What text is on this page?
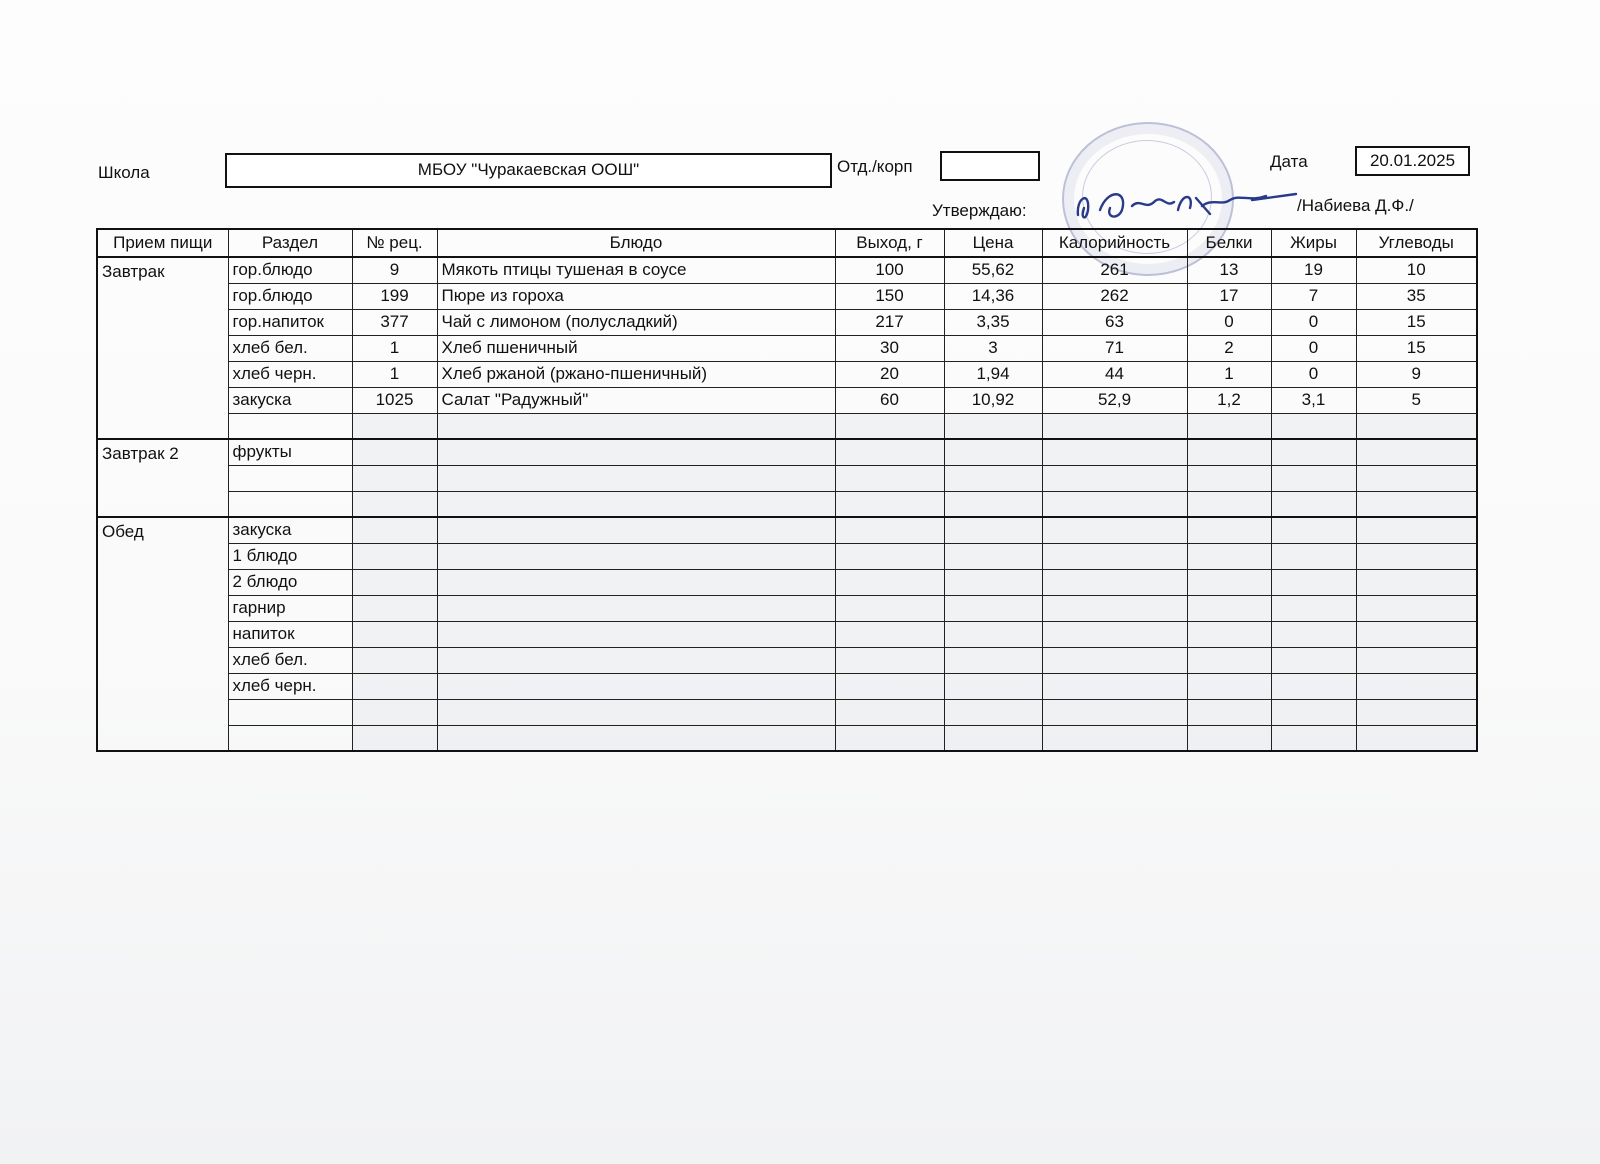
Школа	МБОУ "Чуракаевская ООШ"	Отд./корп	Дата	20.01.2025
Утверждаю:	/Набиева Д.Ф./
Прием пищи	Раздел	№ рец.	Блюдо	Выход, г	Цена	Калорийность	Белки	Жиры	Углеводы
Завтрак	гор.блюдо	9	Мякоть птицы тушеная в соусе	100	55,62	261	13	19	10
	гор.блюдо	199	Пюре из гороха	150	14,36	262	17	7	35
	гор.напиток	377	Чай с лимоном (полусладкий)	217	3,35	63	0	0	15
	хлеб бел.	1	Хлеб пшеничный	30	3	71	2	0	15
	хлеб черн.	1	Хлеб ржаной (ржано-пшеничный)	20	1,94	44	1	0	9
	закуска	1025	Салат "Радужный"	60	10,92	52,9	1,2	3,1	5

Завтрак 2	фрукты								

Обед	закуска								
	1 блюдо								
	2 блюдо								
	гарнир								
	напиток								
	хлеб бел.								
	хлеб черн.								
